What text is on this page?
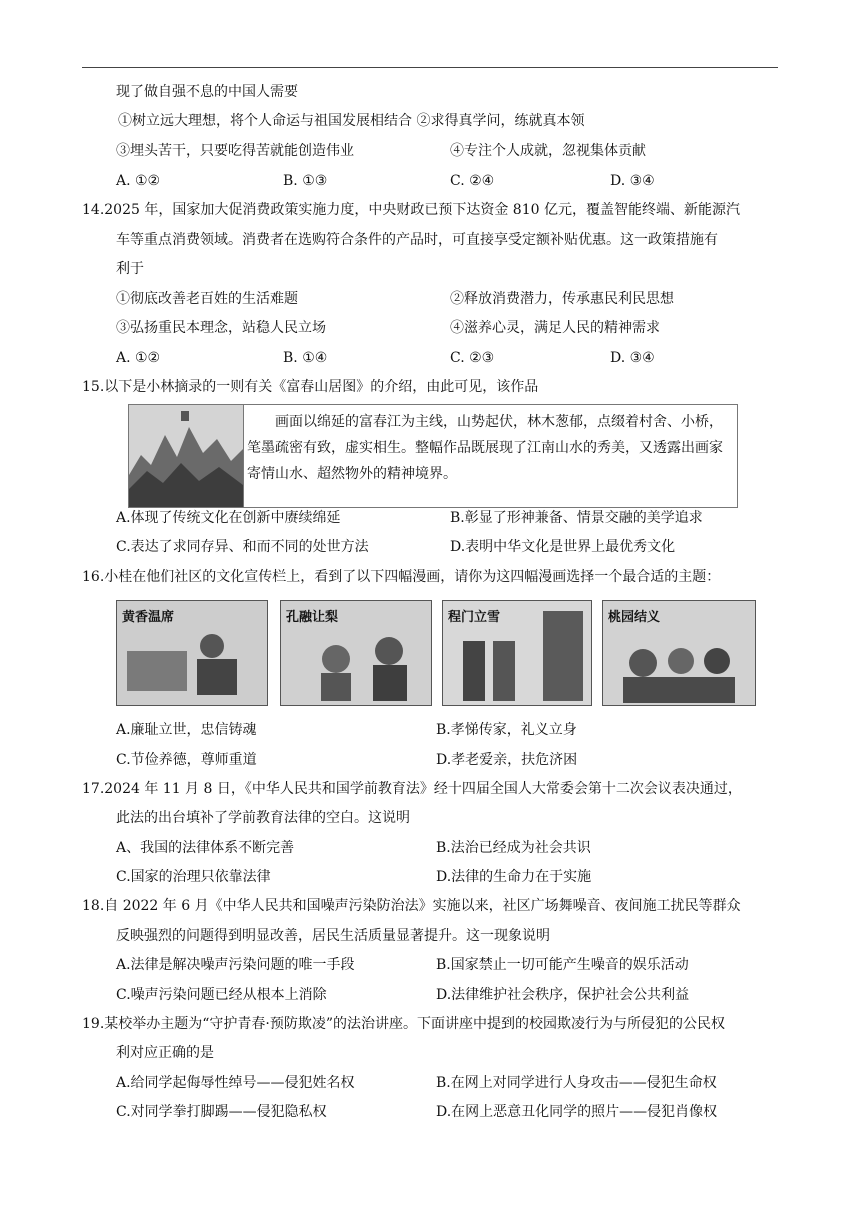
现了做自强不息的中国人需要
①树立远大理想，将个人命运与祖国发展相结合 ②求得真学问，练就真本领
③埋头苦干，只要吃得苦就能创造伟业	④专注个人成就，忽视集体贡献
A. ①②	B. ①③	C. ②④	D. ③④
14.2025 年，国家加大促消费政策实施力度，中央财政已预下达资金 810 亿元，覆盖智能终端、新能源汽
车等重点消费领域。消费者在选购符合条件的产品时，可直接享受定额补贴优惠。这一政策措施有
利于
①彻底改善老百姓的生活难题	②释放消费潜力，传承惠民利民思想
③弘扬重民本理念，站稳人民立场	④滋养心灵，满足人民的精神需求
A. ①②	B. ①④	C. ②③	D. ③④
15.以下是小林摘录的一则有关《富春山居图》的介绍，由此可见，该作品
画面以绵延的富春江为主线，山势起伏，林木葱郁，点缀着村舍、小桥，笔墨疏密有致，虚实相生。整幅作品既展现了江南山水的秀美，又透露出画家寄情山水、超然物外的精神境界。
A.体现了传统文化在创新中赓续绵延	B.彰显了形神兼备、情景交融的美学追求
C.表达了求同存异、和而不同的处世方法	D.表明中华文化是世界上最优秀文化
16.小桂在他们社区的文化宣传栏上，看到了以下四幅漫画，请你为这四幅漫画选择一个最合适的主题：
黄香温席	孔融让梨	程门立雪	桃园结义
A.廉耻立世，忠信铸魂	B.孝悌传家，礼义立身
C.节俭养德，尊师重道	D.孝老爱亲，扶危济困
17.2024 年 11 月 8 日，《中华人民共和国学前教育法》经十四届全国人大常委会第十二次会议表决通过，
此法的出台填补了学前教育法律的空白。这说明
A、我国的法律体系不断完善	B.法治已经成为社会共识
C.国家的治理只依靠法律	D.法律的生命力在于实施
18.自 2022 年 6 月《中华人民共和国噪声污染防治法》实施以来，社区广场舞噪音、夜间施工扰民等群众
反映强烈的问题得到明显改善，居民生活质量显著提升。这一现象说明
A.法律是解决噪声污染问题的唯一手段	B.国家禁止一切可能产生噪音的娱乐活动
C.噪声污染问题已经从根本上消除	D.法律维护社会秩序，保护社会公共利益
19.某校举办主题为“守护青春·预防欺凌”的法治讲座。下面讲座中提到的校园欺凌行为与所侵犯的公民权
利对应正确的是
A.给同学起侮辱性绰号——侵犯姓名权	B.在网上对同学进行人身攻击——侵犯生命权
C.对同学拳打脚踢——侵犯隐私权	D.在网上恶意丑化同学的照片——侵犯肖像权
